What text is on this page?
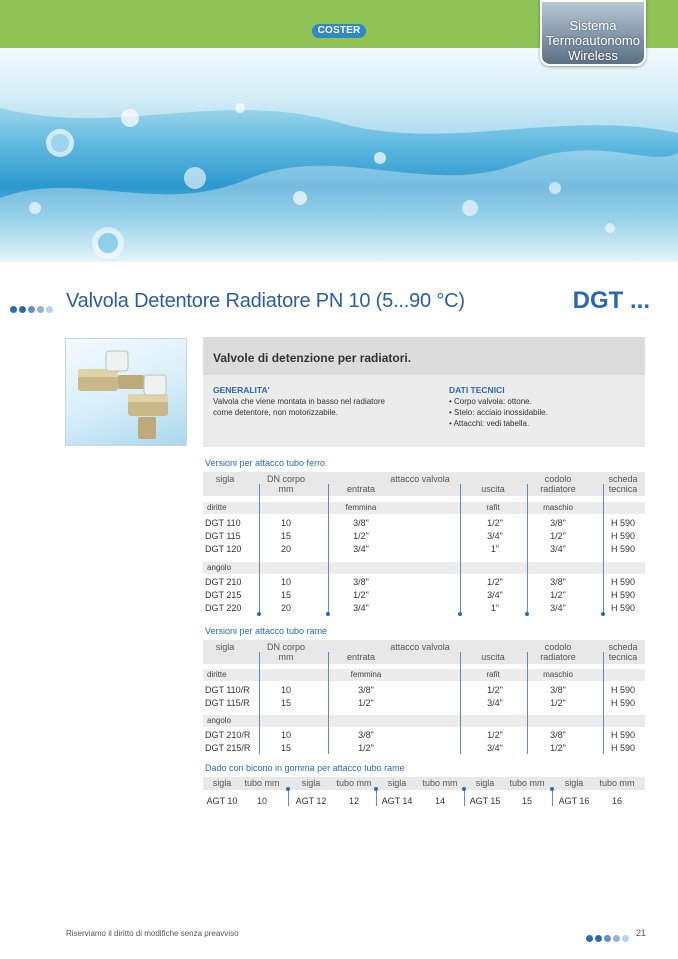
COSTER	Sistema
Termoautonomo
Wireless
Valvola Detentore Radiatore PN 10 (5...90 °C)	DGT ...
Valvole di detenzione per radiatori.
GENERALITA'
Valvola che viene montata in basso nel radiatore
come detentore, non motorizzabile.
DATI TECNICI
• Corpo valvola: ottone.
• Stelo: acciaio inossidabile.
• Attacchi: vedi tabella.
Versioni per attacco tubo ferro
sigla	DN corpo
mm
attacco valvola
entrata	uscita
codolo
radiatore
scheda
tecnica
diritte	femmina	rafit	maschio
DGT 110	10	3/8"	1/2"	3/8"	H 590
DGT 115	15	1/2"	3/4"	1/2"	H 590
DGT 120	20	3/4"	1"	3/4"	H 590
angolo
DGT 210	10	3/8"	1/2"	3/8"	H 590
DGT 215	15	1/2"	3/4"	1/2"	H 590
DGT 220	20	3/4"	1"	3/4"	H 590
Versioni per attacco tubo rame
sigla	DN corpo
mm
attacco valvola
entrata	uscita
codolo
radiatore
scheda
tecnica
diritte	femmina	rafit	maschio
DGT 110/R	10	3/8"	1/2"	3/8"	H 590
DGT 115/R	15	1/2"	3/4"	1/2"	H 590
angolo
DGT 210/R	10	3/8"	1/2"	3/8"	H 590
DGT 215/R	15	1/2"	3/4"	1/2"	H 590
Dado con bicono in gomma per attacco tubo rame
sigla tubo mm sigla tubo mm sigla tubo mm sigla tubo mm sigla tubo mm
AGT 10 10	AGT 12	12	AGT 14	14	AGT 15 15	AGT 16	16
Riserviamo il diritto di modifiche senza preavviso	21
